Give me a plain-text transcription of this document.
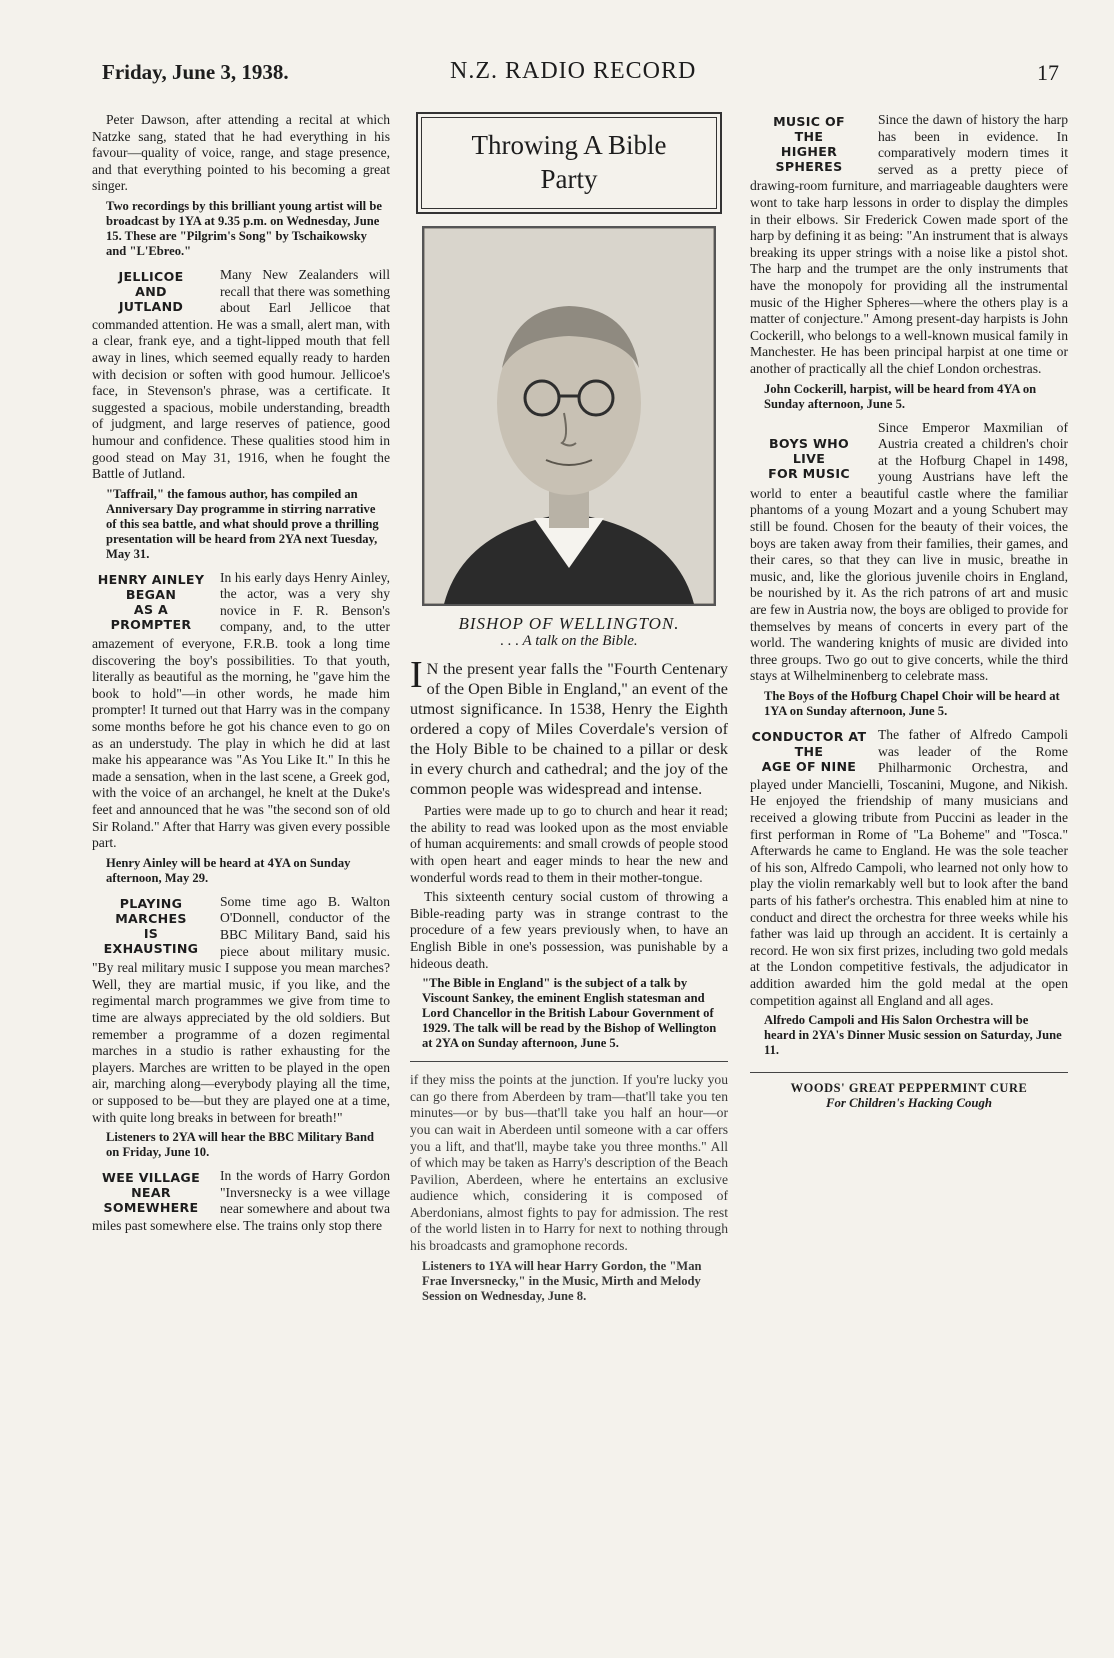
Friday, June 3, 1938.	N.Z. RADIO RECORD	17

Peter Dawson, after attending a recital at which Natzke sang, stated that he had everything in his favour—quality of voice, range, and stage presence, and that everything pointed to his becoming a great singer.

Two recordings by this brilliant young artist will be broadcast by 1YA at 9.35 p.m. on Wednesday, June 15. These are "Pilgrim's Song" by Tschaikowsky and "L'Ebreo."

JELLICOE
AND
JUTLAND

Many New Zealanders will recall that there was something about Earl Jellicoe that commanded attention. He was a small, alert man, with a clear, frank eye, and a tight-lipped mouth that fell away in lines, which seemed equally ready to harden with decision or soften with good humour. Jellicoe's face, in Stevenson's phrase, was a certificate. It suggested a spacious, mobile understanding, breadth of judgment, and large reserves of patience, good humour and confidence. These qualities stood him in good stead on May 31, 1916, when he fought the Battle of Jutland.

"Taffrail," the famous author, has compiled an Anniversary Day programme in stirring narrative of this sea battle, and what should prove a thrilling presentation will be heard from 2YA next Tuesday, May 31.

HENRY AINLEY
BEGAN
AS A PROMPTER

In his early days Henry Ainley, the actor, was a very shy novice in F. R. Benson's company, and, to the utter amazement of everyone, F.R.B. took a long time discovering the boy's possibilities. To that youth, literally as beautiful as the morning, he "gave him the book to hold"—in other words, he made him prompter! It turned out that Harry was in the company some months before he got his chance even to go on as an understudy. The play in which he did at last make his appearance was "As You Like It." In this he made a sensation, when in the last scene, a Greek god, with the voice of an archangel, he knelt at the Duke's feet and announced that he was "the second son of old Sir Roland." After that Harry was given every possible part.

Henry Ainley will be heard at 4YA on Sunday afternoon, May 29.

PLAYING MARCHES
IS
EXHAUSTING

Some time ago B. Walton O'Donnell, conductor of the BBC Military Band, said his piece about military music. "By real military music I suppose you mean marches? Well, they are martial music, if you like, and the regimental march programmes we give from time to time are always appreciated by the old soldiers. But remember a programme of a dozen regimental marches in a studio is rather exhausting for the players. Marches are written to be played in the open air, marching along—everybody playing all the time, or supposed to be—but they are played one at a time, with quite long breaks in between for breath!"

Listeners to 2YA will hear the BBC Military Band on Friday, June 10.

WEE VILLAGE
NEAR
SOMEWHERE

In the words of Harry Gordon "Inversnecky is a wee village near somewhere and about twa miles past somewhere else. The trains only stop there

Throwing A Bible
Party
BISHOP OF WELLINGTON.
. . . A talk on the Bible.
I N the present year falls the "Fourth Centenary of the Open Bible in England," an event of the utmost significance. In 1538, Henry the Eighth ordered a copy of Miles Coverdale's version of the Holy Bible to be chained to a pillar or desk in every church and cathedral; and the joy of the common people was widespread and intense.

Parties were made up to go to church and hear it read; the ability to read was looked upon as the most enviable of human acquirements: and small crowds of people stood with open heart and eager minds to hear the new and wonderful words read to them in their mother-tongue.

This sixteenth century social custom of throwing a Bible-reading party was in strange contrast to the procedure of a few years previously when, to have an English Bible in one's possession, was punishable by a hideous death.

"The Bible in England" is the subject of a talk by Viscount Sankey, the eminent English statesman and Lord Chancellor in the British Labour Government of 1929. The talk will be read by the Bishop of Wellington at 2YA on Sunday afternoon, June 5.

if they miss the points at the junction. If you're lucky you can go there from Aberdeen by tram—that'll take you ten minutes—or by bus—that'll take you half an hour—or you can wait in Aberdeen until someone with a car offers you a lift, and that'll, maybe take you three months." All of which may be taken as Harry's description of the Beach Pavilion, Aberdeen, where he entertains an exclusive audience which, considering it is composed of Aberdonians, almost fights to pay for admission. The rest of the world listen in to Harry for next to nothing through his broadcasts and gramophone records.

Listeners to 1YA will hear Harry Gordon, the "Man Frae Inversnecky," in the Music, Mirth and Melody Session on Wednesday, June 8.

MUSIC OF
THE
HIGHER SPHERES

Since the dawn of history the harp has been in evidence. In comparatively modern times it served as a pretty piece of drawing-room furniture, and marriageable daughters were wont to take harp lessons in order to display the dimples in their elbows. Sir Frederick Cowen made sport of the harp by defining it as being: "An instrument that is always breaking its upper strings with a noise like a pistol shot. The harp and the trumpet are the only instruments that have the monopoly for providing all the instrumental music of the Higher Spheres—where the others play is a matter of conjecture." Among present-day harpists is John Cockerill, who belongs to a well-known musical family in Manchester. He has been principal harpist at one time or another of practically all the chief London orchestras.

John Cockerill, harpist, will be heard from 4YA on Sunday afternoon, June 5.

BOYS WHO
LIVE
FOR MUSIC

Since Emperor Maxmilian of Austria created a children's choir at the Hofburg Chapel in 1498, young Austrians have left the world to enter a beautiful castle where the familiar phantoms of a young Mozart and a young Schubert may still be found. Chosen for the beauty of their voices, the boys are taken away from their families, their games, and their cares, so that they can live in music, breathe in music, and, like the glorious juvenile choirs in England, be nourished by it. As the rich patrons of art and music are few in Austria now, the boys are obliged to provide for themselves by means of concerts in every part of the world. The wandering knights of music are divided into three groups. Two go out to give concerts, while the third stays at Wilhelminenberg to celebrate mass.

The Boys of the Hofburg Chapel Choir will be heard at 1YA on Sunday afternoon, June 5.

CONDUCTOR AT
THE
AGE OF NINE

The father of Alfredo Campoli was leader of the Rome Philharmonic Orchestra, and played under Mancielli, Toscanini, Mugone, and Nikish. He enjoyed the friendship of many musicians and received a glowing tribute from Puccini as leader in the first performan in Rome of "La Boheme" and "Tosca." Afterwards he came to England. He was the sole teacher of his son, Alfredo Campoli, who learned not only how to play the violin remarkably well but to look after the band parts of his father's orchestra. This enabled him at nine to conduct and direct the orchestra for three weeks while his father was laid up through an accident. It is certainly a record. He won six first prizes, including two gold medals at the London competitive festivals, the adjudicator in addition awarded him the gold medal at the open competition against all England and all ages.

Alfredo Campoli and His Salon Orchestra will be heard in 2YA's Dinner Music session on Saturday, June 11.

WOODS' GREAT PEPPERMINT CURE
For Children's Hacking Cough
